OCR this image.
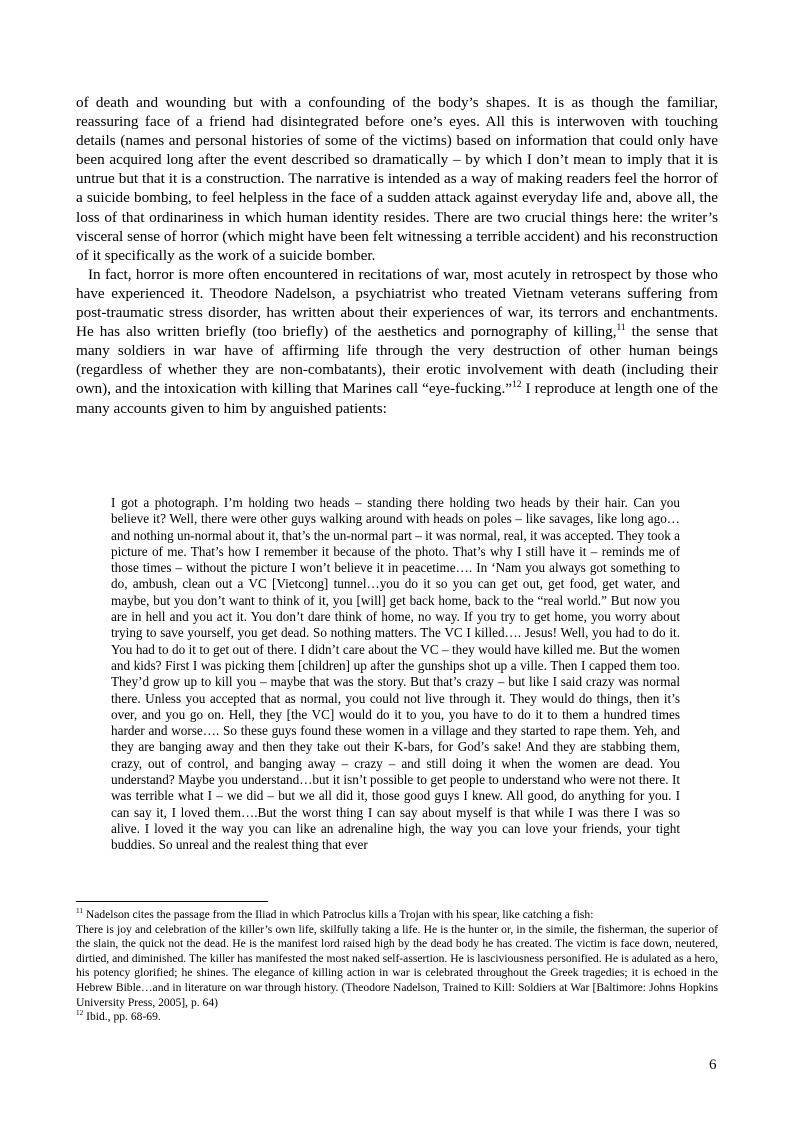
of death and wounding but with a confounding of the body’s shapes. It is as though the familiar, reassuring face of a friend had disintegrated before one’s eyes. All this is interwoven with touching details (names and personal histories of some of the victims) based on information that could only have been acquired long after the event described so dramatically – by which I don’t mean to imply that it is untrue but that it is a construction. The narrative is intended as a way of making readers feel the horror of a suicide bombing, to feel helpless in the face of a sudden attack against everyday life and, above all, the loss of that ordinariness in which human identity resides. There are two crucial things here: the writer’s visceral sense of horror (which might have been felt witnessing a terrible accident) and his reconstruction of it specifically as the work of a suicide bomber.

In fact, horror is more often encountered in recitations of war, most acutely in retrospect by those who have experienced it. Theodore Nadelson, a psychiatrist who treated Vietnam veterans suffering from post-traumatic stress disorder, has written about their experiences of war, its terrors and enchantments. He has also written briefly (too briefly) of the aesthetics and pornography of killing,$^{11}$ the sense that many soldiers in war have of affirming life through the very destruction of other human beings (regardless of whether they are non-combatants), their erotic involvement with death (including their own), and the intoxication with killing that Marines call “eye-fucking.”$^{12}$ I reproduce at length one of the many accounts given to him by anguished patients:

I got a photograph. I’m holding two heads – standing there holding two heads by their hair. Can you believe it? Well, there were other guys walking around with heads on poles – like savages, like long ago… and nothing un-normal about it, that’s the un-normal part – it was normal, real, it was accepted. They took a picture of me. That’s how I remember it because of the photo. That’s why I still have it – reminds me of those times – without the picture I won’t believe it in peacetime…. In ‘Nam you always got something to do, ambush, clean out a VC [Vietcong] tunnel…you do it so you can get out, get food, get water, and maybe, but you don’t want to think of it, you [will] get back home, back to the “real world.” But now you are in hell and you act it. You don’t dare think of home, no way. If you try to get home, you worry about trying to save yourself, you get dead. So nothing matters. The VC I killed…. Jesus! Well, you had to do it. You had to do it to get out of there. I didn’t care about the VC – they would have killed me. But the women and kids? First I was picking them [children] up after the gunships shot up a ville. Then I capped them too. They’d grow up to kill you – maybe that was the story. But that’s crazy – but like I said crazy was normal there. Unless you accepted that as normal, you could not live through it. They would do things, then it’s over, and you go on. Hell, they [the VC] would do it to you, you have to do it to them a hundred times harder and worse…. So these guys found these women in a village and they started to rape them. Yeh, and they are banging away and then they take out their K-bars, for God’s sake! And they are stabbing them, crazy, out of control, and banging away – crazy – and still doing it when the women are dead. You understand? Maybe you understand…but it isn’t possible to get people to understand who were not there. It was terrible what I – we did – but we all did it, those good guys I knew. All good, do anything for you. I can say it, I loved them….But the worst thing I can say about myself is that while I was there I was so alive. I loved it the way you can like an adrenaline high, the way you can love your friends, your tight buddies. So unreal and the realest thing that ever

$^{11}$ Nadelson cites the passage from the Iliad in which Patroclus kills a Trojan with his spear, like catching a fish:

There is joy and celebration of the killer’s own life, skilfully taking a life. He is the hunter or, in the simile, the fisherman, the superior of the slain, the quick not the dead. He is the manifest lord raised high by the dead body he has created. The victim is face down, neutered, dirtied, and diminished. The killer has manifested the most naked self-assertion. He is lasciviousness personified. He is adulated as a hero, his potency glorified; he shines. The elegance of killing action in war is celebrated throughout the Greek tragedies; it is echoed in the Hebrew Bible…and in literature on war through history. (Theodore Nadelson, Trained to Kill: Soldiers at War [Baltimore: Johns Hopkins University Press, 2005], p. 64)

$^{12}$ Ibid., pp. 68-69.

6
